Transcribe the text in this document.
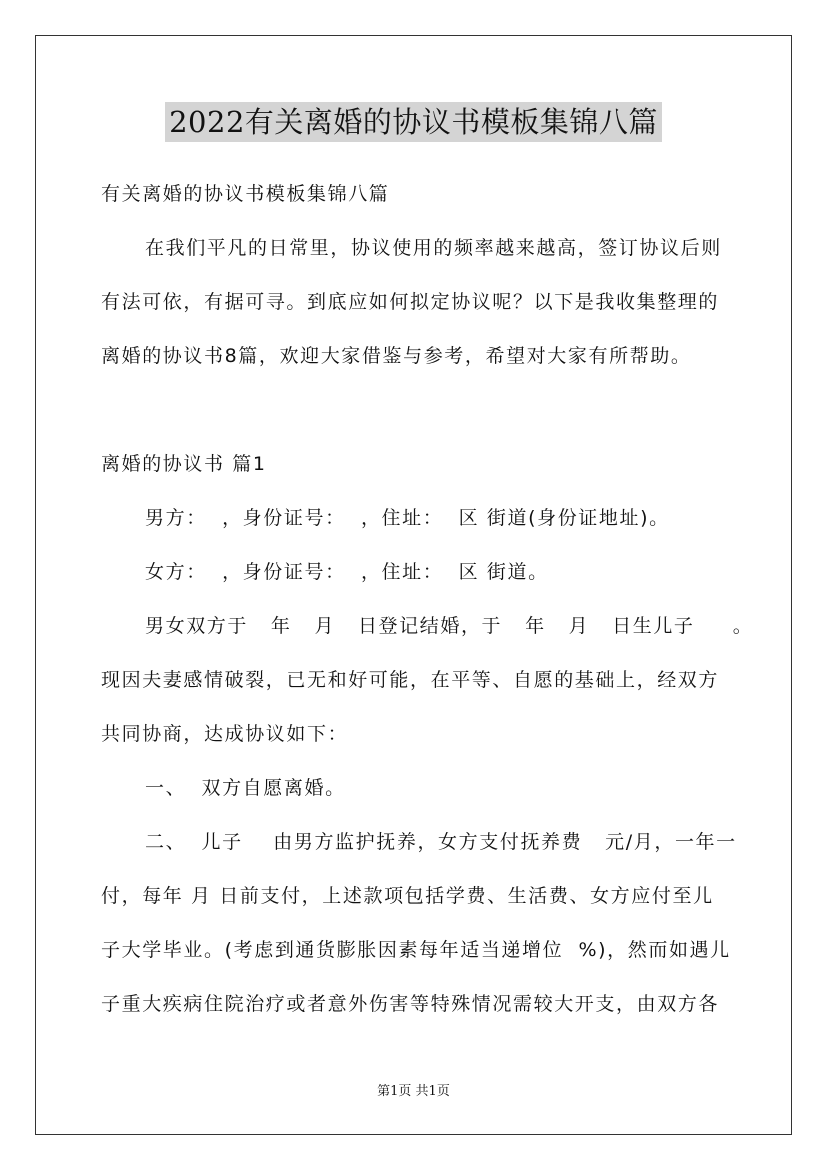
2022有关离婚的协议书模板集锦八篇
有关离婚的协议书模板集锦八篇
在我们平凡的日常里，协议使用的频率越来越高，签订协议后则
有法可依，有据可寻。到底应如何拟定协议呢？以下是我收集整理的
离婚的协议书8篇，欢迎大家借鉴与参考，希望对大家有所帮助。
离婚的协议书 篇1
男方：  ，身份证号：  ，住址：  区 街道(身份证地址)。
女方：  ，身份证号：  ，住址：  区 街道。
男女双方于   年   月   日登记结婚，于   年   月   日生儿子     。
现因夫妻感情破裂，已无和好可能，在平等、自愿的基础上，经双方
共同协商，达成协议如下：
一、  双方自愿离婚。
二、  儿子    由男方监护抚养，女方支付抚养费   元/月，一年一
付，每年 月 日前支付，上述款项包括学费、生活费、女方应付至儿
子大学毕业。(考虑到通货膨胀因素每年适当递增位  %)，然而如遇儿
子重大疾病住院治疗或者意外伤害等特殊情况需较大开支，由双方各
第1页 共1页
